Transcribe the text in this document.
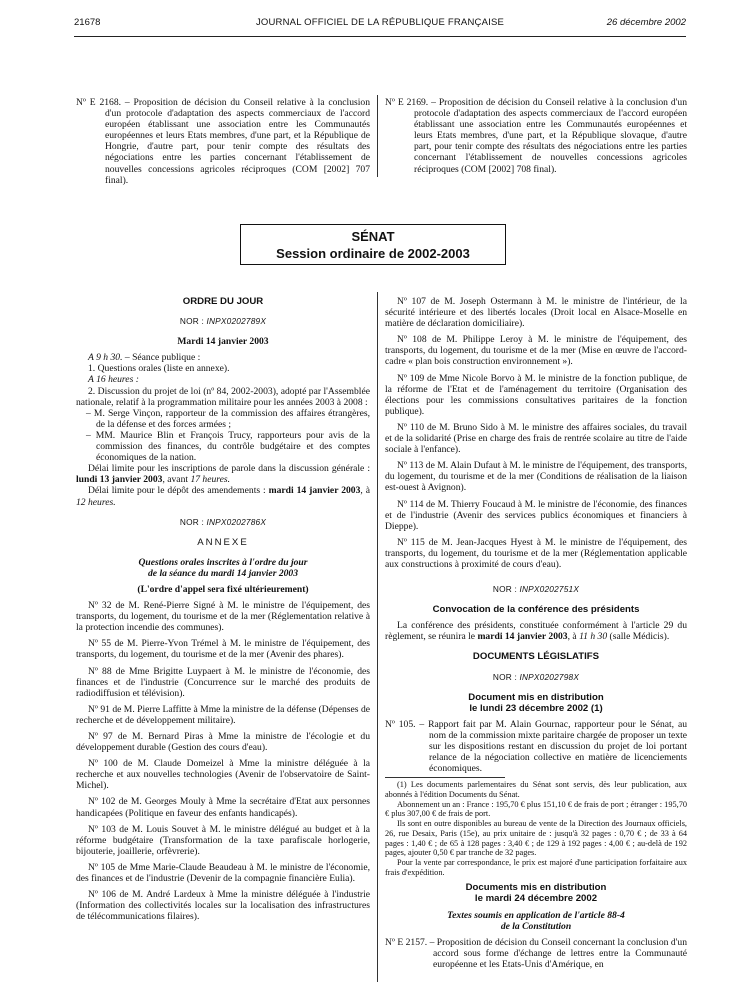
21678	JOURNAL OFFICIEL DE LA RÉPUBLIQUE FRANÇAISE	26 décembre 2002

Nº E 2168. – Proposition de décision du Conseil relative à la conclusion d'un protocole d'adaptation des aspects commerciaux de l'accord européen établissant une association entre les Communautés européennes et leurs Etats membres, d'une part, et la République de Hongrie, d'autre part, pour tenir compte des résultats des négociations entre les parties concernant l'établissement de nouvelles concessions agricoles réciproques (COM [2002] 707 final).

Nº E 2169. – Proposition de décision du Conseil relative à la conclusion d'un protocole d'adaptation des aspects commerciaux de l'accord européen établissant une association entre les Communautés européennes et leurs Etats membres, d'une part, et la République slovaque, d'autre part, pour tenir compte des résultats des négociations entre les parties concernant l'établissement de nouvelles concessions agricoles réciproques (COM [2002] 708 final).

SÉNAT
Session ordinaire de 2002-2003

ORDRE DU JOUR

NOR : INPX0202789X

Mardi 14 janvier 2003

A 9 h 30. – Séance publique :

1. Questions orales (liste en annexe).

A 16 heures :

2. Discussion du projet de loi (nº 84, 2002-2003), adopté par l'Assemblée nationale, relatif à la programmation militaire pour les années 2003 à 2008 :

– M. Serge Vinçon, rapporteur de la commission des affaires étrangères, de la défense et des forces armées ;

– MM. Maurice Blin et François Trucy, rapporteurs pour avis de la commission des finances, du contrôle budgétaire et des comptes économiques de la nation.

Délai limite pour les inscriptions de parole dans la discussion générale : lundi 13 janvier 2003, avant 17 heures.

Délai limite pour le dépôt des amendements : mardi 14 janvier 2003, à 12 heures.

NOR : INPX0202786X

ANNEXE

Questions orales inscrites à l'ordre du jour

de la séance du mardi 14 janvier 2003

(L'ordre d'appel sera fixé ultérieurement)

Nº 32 de M. René-Pierre Signé à M. le ministre de l'équipement, des transports, du logement, du tourisme et de la mer (Réglementation relative à la protection incendie des communes).

Nº 55 de M. Pierre-Yvon Trémel à M. le ministre de l'équipement, des transports, du logement, du tourisme et de la mer (Avenir des phares).

Nº 88 de Mme Brigitte Luypaert à M. le ministre de l'économie, des finances et de l'industrie (Concurrence sur le marché des produits de radiodiffusion et télévision).

Nº 91 de M. Pierre Laffitte à Mme la ministre de la défense (Dépenses de recherche et de développement militaire).

Nº 97 de M. Bernard Piras à Mme la ministre de l'écologie et du développement durable (Gestion des cours d'eau).

Nº 100 de M. Claude Domeizel à Mme la ministre déléguée à la recherche et aux nouvelles technologies (Avenir de l'observatoire de Saint-Michel).

Nº 102 de M. Georges Mouly à Mme la secrétaire d'Etat aux personnes handicapées (Politique en faveur des enfants handicapés).

Nº 103 de M. Louis Souvet à M. le ministre délégué au budget et à la réforme budgétaire (Transformation de la taxe parafiscale horlogerie, bijouterie, joaillerie, orfèvrerie).

Nº 105 de Mme Marie-Claude Beaudeau à M. le ministre de l'économie, des finances et de l'industrie (Devenir de la compagnie financière Eulia).

Nº 106 de M. André Lardeux à Mme la ministre déléguée à l'industrie (Information des collectivités locales sur la localisation des infrastructures de télécommunications filaires).

Nº 107 de M. Joseph Ostermann à M. le ministre de l'intérieur, de la sécurité intérieure et des libertés locales (Droit local en Alsace-Moselle en matière de déclaration domiciliaire).

Nº 108 de M. Philippe Leroy à M. le ministre de l'équipement, des transports, du logement, du tourisme et de la mer (Mise en œuvre de l'accord-cadre « plan bois construction environnement »).

Nº 109 de Mme Nicole Borvo à M. le ministre de la fonction publique, de la réforme de l'Etat et de l'aménagement du territoire (Organisation des élections pour les commissions consultatives paritaires de la fonction publique).

Nº 110 de M. Bruno Sido à M. le ministre des affaires sociales, du travail et de la solidarité (Prise en charge des frais de rentrée scolaire au titre de l'aide sociale à l'enfance).

Nº 113 de M. Alain Dufaut à M. le ministre de l'équipement, des transports, du logement, du tourisme et de la mer (Conditions de réalisation de la liaison est-ouest à Avignon).

Nº 114 de M. Thierry Foucaud à M. le ministre de l'économie, des finances et de l'industrie (Avenir des services publics économiques et financiers à Dieppe).

Nº 115 de M. Jean-Jacques Hyest à M. le ministre de l'équipement, des transports, du logement, du tourisme et de la mer (Réglementation applicable aux constructions à proximité de cours d'eau).

NOR : INPX0202751X

Convocation de la conférence des présidents

La conférence des présidents, constituée conformément à l'article 29 du règlement, se réunira le mardi 14 janvier 2003, à 11 h 30 (salle Médicis).

DOCUMENTS LÉGISLATIFS

NOR : INPX0202798X

Document mis en distribution

le lundi 23 décembre 2002 (1)

Nº 105. – Rapport fait par M. Alain Gournac, rapporteur pour le Sénat, au nom de la commission mixte paritaire chargée de proposer un texte sur les dispositions restant en discussion du projet de loi portant relance de la négociation collective en matière de licenciements économiques.

(1) Les documents parlementaires du Sénat sont servis, dès leur publication, aux abonnés à l'édition Documents du Sénat.

Abonnement un an : France : 195,70 € plus 151,10 € de frais de port ; étranger : 195,70 € plus 307,00 € de frais de port.

Ils sont en outre disponibles au bureau de vente de la Direction des Journaux officiels, 26, rue Desaix, Paris (15e), au prix unitaire de : jusqu'à 32 pages : 0,70 € ; de 33 à 64 pages : 1,40 € ; de 65 à 128 pages : 3,40 € ; de 129 à 192 pages : 4,00 € ; au-delà de 192 pages, ajouter 0,50 € par tranche de 32 pages.

Pour la vente par correspondance, le prix est majoré d'une participation forfaitaire aux frais d'expédition.

Documents mis en distribution

le mardi 24 décembre 2002

Textes soumis en application de l'article 88-4

de la Constitution

Nº E 2157. – Proposition de décision du Conseil concernant la conclusion d'un accord sous forme d'échange de lettres entre la Communauté européenne et les Etats-Unis d'Amérique, en
